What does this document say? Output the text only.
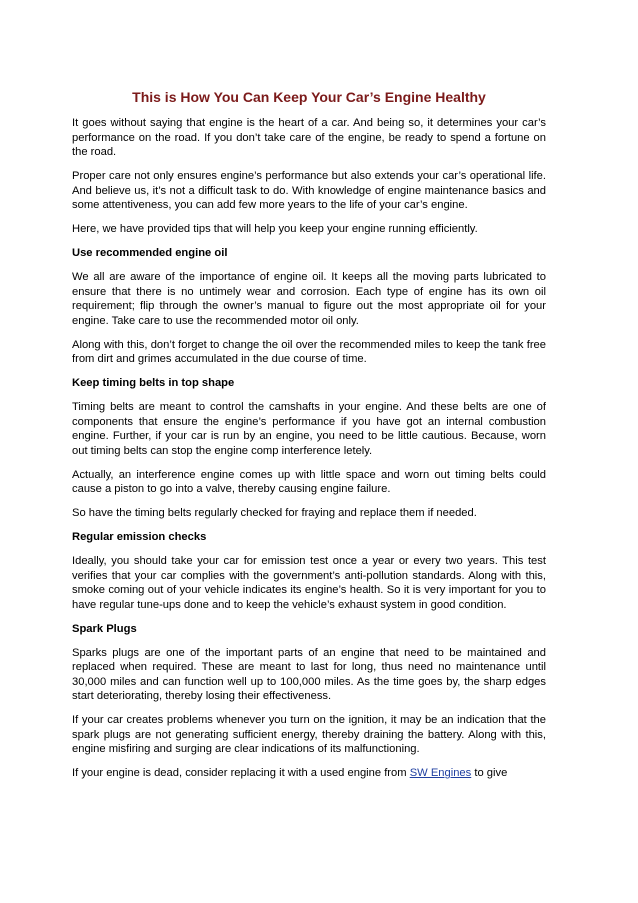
This is How You Can Keep Your Car’s Engine Healthy

It goes without saying that engine is the heart of a car. And being so, it determines your car’s performance on the road. If you don’t take care of the engine, be ready to spend a fortune on the road.

Proper care not only ensures engine’s performance but also extends your car’s operational life. And believe us, it’s not a difficult task to do. With knowledge of engine maintenance basics and some attentiveness, you can add few more years to the life of your car’s engine.

Here, we have provided tips that will help you keep your engine running efficiently.

Use recommended engine oil

We all are aware of the importance of engine oil. It keeps all the moving parts lubricated to ensure that there is no untimely wear and corrosion. Each type of engine has its own oil requirement; flip through the owner’s manual to figure out the most appropriate oil for your engine. Take care to use the recommended motor oil only.

Along with this, don’t forget to change the oil over the recommended miles to keep the tank free from dirt and grimes accumulated in the due course of time.

Keep timing belts in top shape

Timing belts are meant to control the camshafts in your engine. And these belts are one of components that ensure the engine’s performance if you have got an internal combustion engine. Further, if your car is run by an engine, you need to be little cautious. Because, worn out timing belts can stop the engine comp interference letely.

Actually, an interference engine comes up with little space and worn out timing belts could cause a piston to go into a valve, thereby causing engine failure.

So have the timing belts regularly checked for fraying and replace them if needed.

Regular emission checks

Ideally, you should take your car for emission test once a year or every two years. This test verifies that your car complies with the government’s anti-pollution standards. Along with this, smoke coming out of your vehicle indicates its engine’s health. So it is very important for you to have regular tune-ups done and to keep the vehicle’s exhaust system in good condition.

Spark Plugs

Sparks plugs are one of the important parts of an engine that need to be maintained and replaced when required. These are meant to last for long, thus need no maintenance until 30,000 miles and can function well up to 100,000 miles. As the time goes by, the sharp edges start deteriorating, thereby losing their effectiveness.

If your car creates problems whenever you turn on the ignition, it may be an indication that the spark plugs are not generating sufficient energy, thereby draining the battery. Along with this, engine misfiring and surging are clear indications of its malfunctioning.

If your engine is dead, consider replacing it with a used engine from SW Engines to give
